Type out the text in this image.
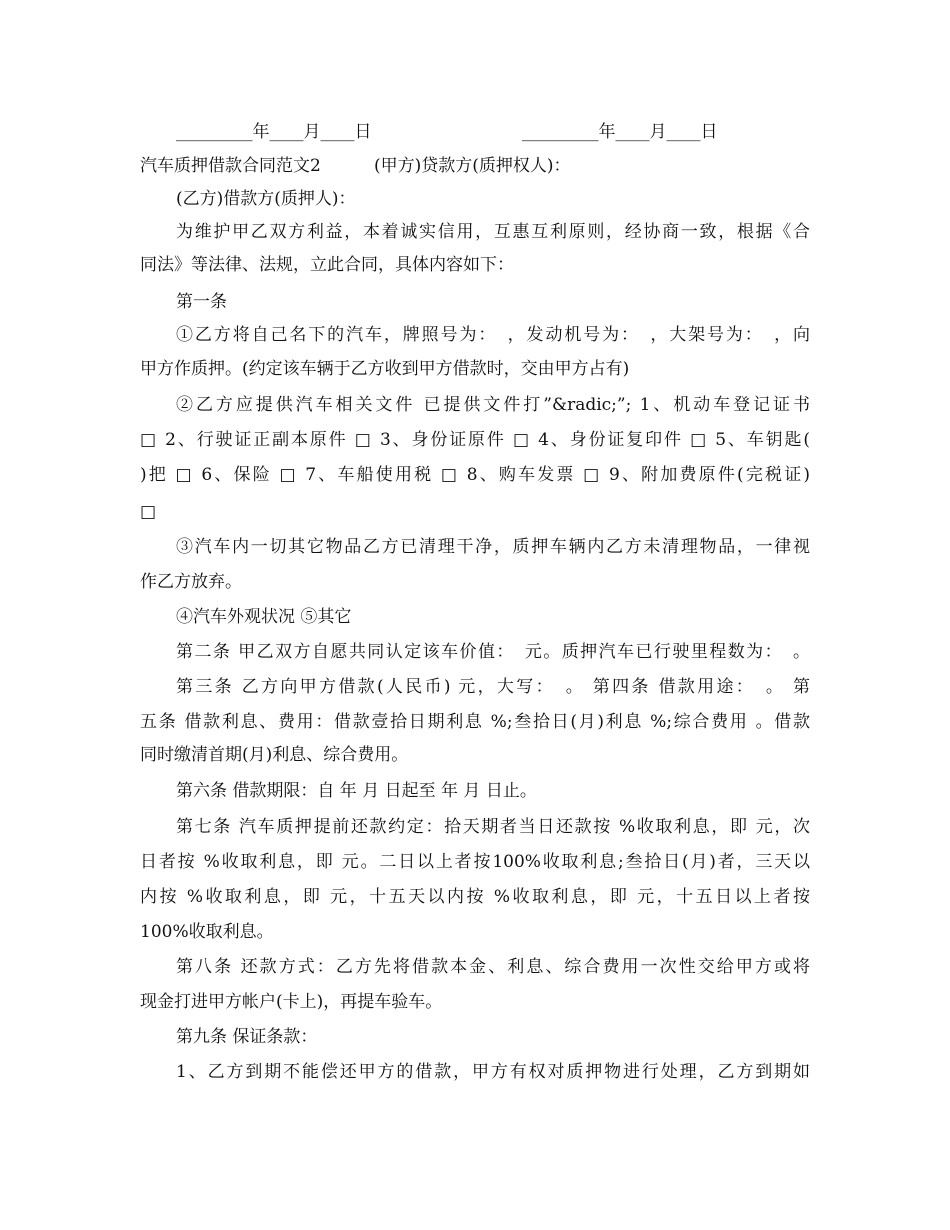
_________年____月____日	_________年____月____日
汽车质押借款合同范文2	(甲方)贷款方(质押权人)：
(乙方)借款方(质押人)：
为维护甲乙双方利益，本着诚实信用，互惠互利原则，经协商一致，根据《合
同法》等法律、法规，立此合同，具体内容如下：
第一条
①乙方将自己名下的汽车，牌照号为：　，发动机号为：　，大架号为：　，向
甲方作质押。(约定该车辆于乙方收到甲方借款时，交由甲方占有)
②乙方应提供汽车相关文件 已提供文件打”&radic;”; 1、机动车登记证书
□ 2、行驶证正副本原件 □ 3、身份证原件 □ 4、身份证复印件 □ 5、车钥匙(
)把 □ 6、保险 □ 7、车船使用税 □ 8、购车发票 □ 9、附加费原件(完税证)
□
③汽车内一切其它物品乙方已清理干净，质押车辆内乙方未清理物品，一律视
作乙方放弃。
④汽车外观状况 ⑤其它
第二条 甲乙双方自愿共同认定该车价值：　元。质押汽车已行驶里程数为：　。
第三条 乙方向甲方借款(人民币) 元，大写：　。 第四条 借款用途：　。 第
五条 借款利息、费用：借款壹拾日期利息 %;叁拾日(月)利息 %;综合费用 。借款
同时缴清首期(月)利息、综合费用。
第六条 借款期限：自 年 月 日起至 年 月 日止。
第七条 汽车质押提前还款约定：拾天期者当日还款按 %收取利息，即 元，次
日者按 %收取利息，即 元。二日以上者按100%收取利息;叁拾日(月)者，三天以
内按 %收取利息，即 元，十五天以内按 %收取利息，即 元，十五日以上者按
100%收取利息。
第八条 还款方式：乙方先将借款本金、利息、综合费用一次性交给甲方或将
现金打进甲方帐户(卡上)，再提车验车。
第九条 保证条款：
1、乙方到期不能偿还甲方的借款，甲方有权对质押物进行处理，乙方到期如
